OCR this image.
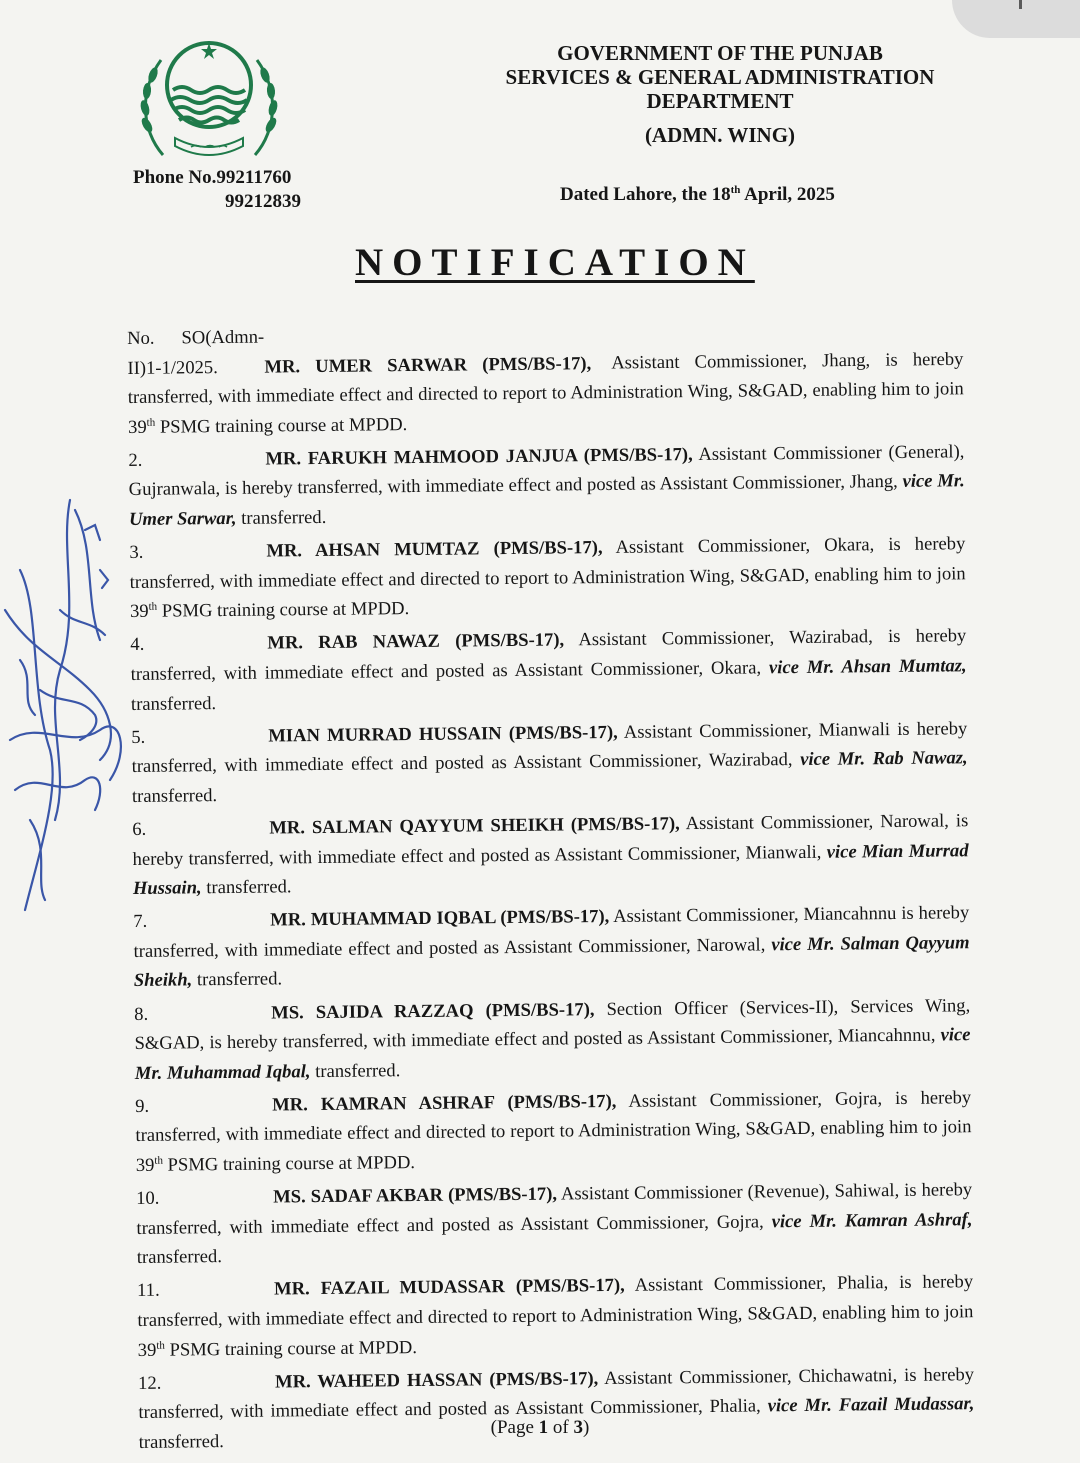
GOVERNMENT OF THE PUNJAB
SERVICES & GENERAL ADMINISTRATION
DEPARTMENT
(ADMN. WING)
Phone No.99211760
99212839	Dated Lahore, the 18th April, 2025
NOTIFICATION
No. SO(Admn-II)1-1/2025. MR. UMER SARWAR (PMS/BS-17), Assistant Commissioner, Jhang, is hereby transferred, with immediate effect and directed to report to Administration Wing, S&GAD, enabling him to join 39th PSMG training course at MPDD.
2.	MR. FARUKH MAHMOOD JANJUA (PMS/BS-17), Assistant Commissioner (General), Gujranwala, is hereby transferred, with immediate effect and posted as Assistant Commissioner, Jhang, vice Mr. Umer Sarwar, transferred.
3.	MR. AHSAN MUMTAZ (PMS/BS-17), Assistant Commissioner, Okara, is hereby transferred, with immediate effect and directed to report to Administration Wing, S&GAD, enabling him to join 39th PSMG training course at MPDD.
4.	MR. RAB NAWAZ (PMS/BS-17), Assistant Commissioner, Wazirabad, is hereby transferred, with immediate effect and posted as Assistant Commissioner, Okara, vice Mr. Ahsan Mumtaz, transferred.
5.	MIAN MURRAD HUSSAIN (PMS/BS-17), Assistant Commissioner, Mianwali is hereby transferred, with immediate effect and posted as Assistant Commissioner, Wazirabad, vice Mr. Rab Nawaz, transferred.
6.	MR. SALMAN QAYYUM SHEIKH (PMS/BS-17), Assistant Commissioner, Narowal, is hereby transferred, with immediate effect and posted as Assistant Commissioner, Mianwali, vice Mian Murrad Hussain, transferred.
7.	MR. MUHAMMAD IQBAL (PMS/BS-17), Assistant Commissioner, Miancahnnu is hereby transferred, with immediate effect and posted as Assistant Commissioner, Narowal, vice Mr. Salman Qayyum Sheikh, transferred.
8.	MS. SAJIDA RAZZAQ (PMS/BS-17), Section Officer (Services-II), Services Wing, S&GAD, is hereby transferred, with immediate effect and posted as Assistant Commissioner, Miancahnnu, vice Mr. Muhammad Iqbal, transferred.
9.	MR. KAMRAN ASHRAF (PMS/BS-17), Assistant Commissioner, Gojra, is hereby transferred, with immediate effect and directed to report to Administration Wing, S&GAD, enabling him to join 39th PSMG training course at MPDD.
10.	MS. SADAF AKBAR (PMS/BS-17), Assistant Commissioner (Revenue), Sahiwal, is hereby transferred, with immediate effect and posted as Assistant Commissioner, Gojra, vice Mr. Kamran Ashraf, transferred.
11.	MR. FAZAIL MUDASSAR (PMS/BS-17), Assistant Commissioner, Phalia, is hereby transferred, with immediate effect and directed to report to Administration Wing, S&GAD, enabling him to join 39th PSMG training course at MPDD.
12.	MR. WAHEED HASSAN (PMS/BS-17), Assistant Commissioner, Chichawatni, is hereby transferred, with immediate effect and posted as Assistant Commissioner, Phalia, vice Mr. Fazail Mudassar, transferred.
(Page 1 of 3)
